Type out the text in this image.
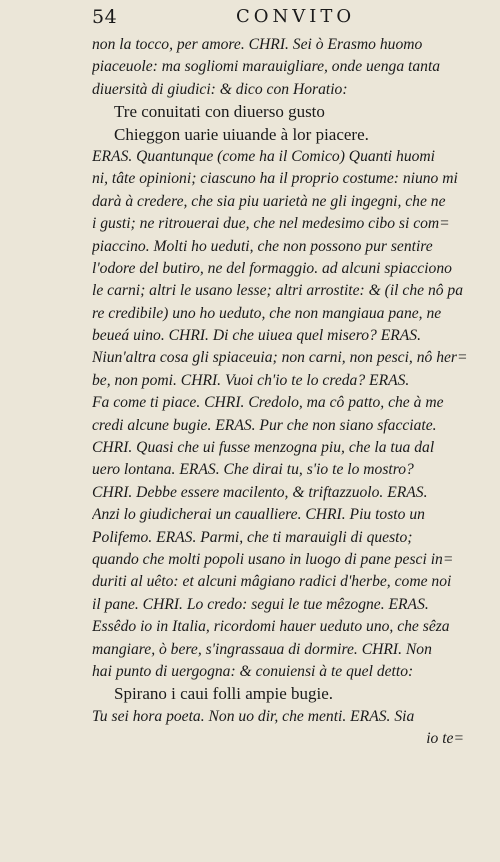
54	CONVITO
non la tocco, per amore. CHRI. Sei ò Erasmo huomo
piaceuole: ma sogliomi marauigliare, onde uenga tanta
diuersità di giudici: & dico con Horatio:
Tre conuitati con diuerso gusto
Chieggon uarie uiuande à lor piacere.
ERAS. Quantunque (come ha il Comico) Quanti huomi
ni, tâte opinioni; ciascuno ha il proprio costume: niuno mi
darà à credere, che sia piu uarietà ne gli ingegni, che ne
i gusti; ne ritrouerai due, che nel medesimo cibo si com=
piaccino. Molti ho ueduti, che non possono pur sentire
l'odore del butiro, ne del formaggio. ad alcuni spiacciono
le carni; altri le usano lesse; altri arrostite: & (il che nô pa
re credibile) uno ho ueduto, che non mangiaua pane, ne
beueá uino. CHRI. Di che uiuea quel misero? ERAS.
Niun'altra cosa gli spiaceuia; non carni, non pesci, nô her=
be, non pomi. CHRI. Vuoi ch'io te lo creda? ERAS.
Fa come ti piace. CHRI. Credolo, ma cô patto, che à me
credi alcune bugie. ERAS. Pur che non siano sfacciate.
CHRI. Quasi che ui fusse menzogna piu, che la tua dal
uero lontana. ERAS. Che dirai tu, s'io te lo mostro?
CHRI. Debbe essere macilento, & triftazzuolo. ERAS.
Anzi lo giudicherai un caualliere. CHRI. Piu tosto un
Polifemo. ERAS. Parmi, che ti marauigli di questo;
quando che molti popoli usano in luogo di pane pesci in=
duriti al uêto: et alcuni mâgiano radici d'herbe, come noi
il pane. CHRI. Lo credo: segui le tue mêzogne. ERAS.
Essêdo io in Italia, ricordomi hauer ueduto uno, che sêza
mangiare, ò bere, s'ingrassaua di dormire. CHRI. Non
hai punto di uergogna: & conuiensi à te quel detto:
Spirano i caui folli ampie bugie.
Tu sei hora poeta. Non uo dir, che menti. ERAS. Sia
io te=
